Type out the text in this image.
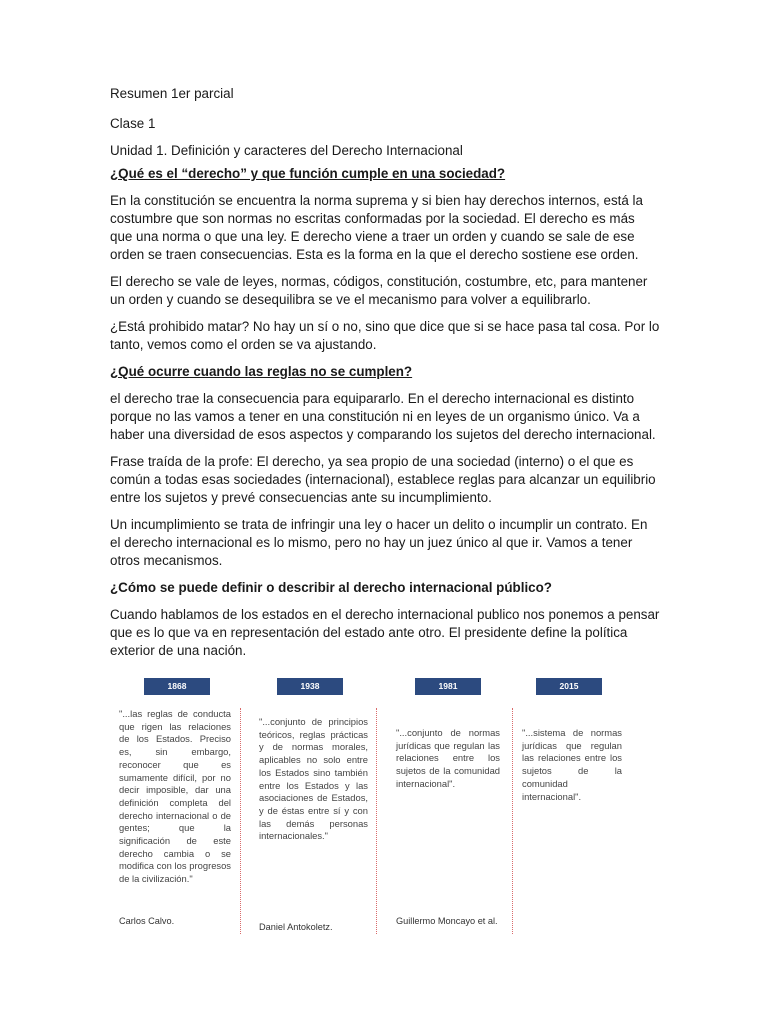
Resumen 1er parcial

Clase 1

Unidad 1. Definición y caracteres del Derecho Internacional

¿Qué es el “derecho” y que función cumple en una sociedad?

En la constitución se encuentra la norma suprema y si bien hay derechos internos, está la costumbre que son normas no escritas conformadas por la sociedad. El derecho es más que una norma o que una ley. E derecho viene a traer un orden y cuando se sale de ese orden se traen consecuencias. Esta es la forma en la que el derecho sostiene ese orden.

El derecho se vale de leyes, normas, códigos, constitución, costumbre, etc, para mantener un orden y cuando se desequilibra se ve el mecanismo para volver a equilibrarlo.

¿Está prohibido matar? No hay un sí o no, sino que dice que si se hace pasa tal cosa. Por lo tanto, vemos como el orden se va ajustando.

¿Qué ocurre cuando las reglas no se cumplen?

el derecho trae la consecuencia para equipararlo. En el derecho internacional es distinto porque no las vamos a tener en una constitución ni en leyes de un organismo único. Va a haber una diversidad de esos aspectos y comparando los sujetos del derecho internacional.

Frase traída de la profe: El derecho, ya sea propio de una sociedad (interno) o el que es común a todas esas sociedades (internacional), establece reglas para alcanzar un equilibrio entre los sujetos y prevé consecuencias ante su incumplimiento.

Un incumplimiento se trata de infringir una ley o hacer un delito o incumplir un contrato. En el derecho internacional es lo mismo, pero no hay un juez único al que ir. Vamos a tener otros mecanismos.

¿Cómo se puede definir o describir al derecho internacional público?

Cuando hablamos de los estados en el derecho internacional publico nos ponemos a pensar que es lo que va en representación del estado ante otro. El presidente define la política exterior de una nación.

1868

"...las reglas de conducta que rigen las relaciones de los Estados. Preciso es, sin embargo, reconocer que es sumamente difícil, por no decir imposible, dar una definición completa del derecho internacional o de gentes; que la significación de este derecho cambia o se modifica con los progresos de la civilización."

Carlos Calvo.

1938

"...conjunto de principios teóricos, reglas prácticas y de normas morales, aplicables no solo entre los Estados sino también entre los Estados y las asociaciones de Estados, y de éstas entre sí y con las demás personas internacionales."

Daniel Antokoletz.

1981

"...conjunto de normas jurídicas que regulan las relaciones entre los sujetos de la comunidad internacional".

Guillermo Moncayo et al.

2015

"...sistema de normas jurídicas que regulan las relaciones entre los sujetos de la comunidad internacional".
